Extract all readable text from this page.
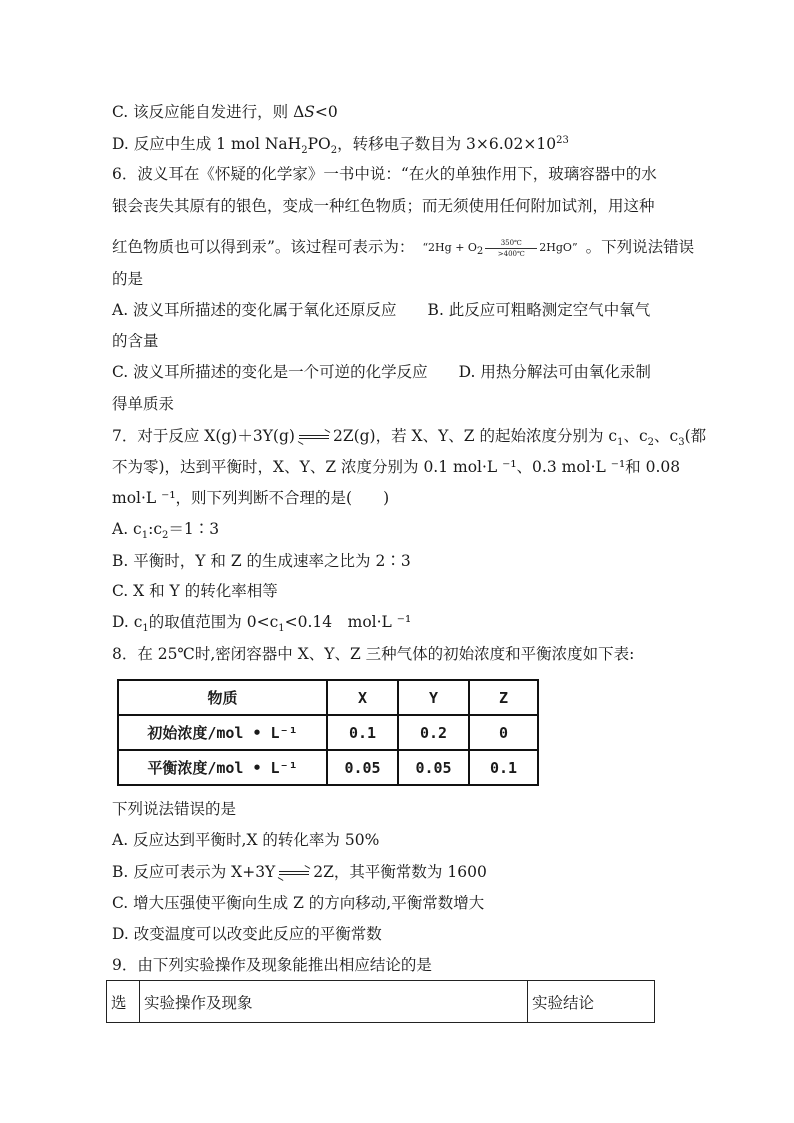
C. 该反应能自发进行，则 ΔS<0
D. 反应中生成 1 mol $NaH_2PO_2$，转移电子数目为 $3\times 6.02\times 10^{23}$
6．波义耳在《怀疑的化学家》一书中说：“在火的单独作用下，玻璃容器中的水
银会丧失其原有的银色，变成一种红色物质；而无须使用任何附加试剂，用这种
红色物质也可以得到汞”。该过程可表示为： “$2Hg + O_2 \frac{350℃}{>400℃} 2HgO$” 。下列说法错误
的是
A. 波义耳所描述的变化属于氧化还原反应　　B. 此反应可粗略测定空气中氧气
的含量
C. 波义耳所描述的变化是一个可逆的化学反应　　D. 用热分解法可由氧化汞制
得单质汞
7．对于反应 X(g)＋3Y(g) 2Z(g)，若 X、Y、Z 的起始浓度分别为 $c_1$、$c_2$、$c_3$(都
不为零)，达到平衡时，X、Y、Z 浓度分别为 0.1 mol·L ⁻¹、0.3 mol·L ⁻¹和 0.08
mol·L ⁻¹，则下列判断不合理的是(　　)
A. $c_1:c_2=1∶3$
B. 平衡时，Y 和 Z 的生成速率之比为 2∶3
C. X 和 Y 的转化率相等
D. $c_1$的取值范围为 $0<c_1<0.14$　mol·L ⁻¹
8．在 25℃时,密闭容器中 X、Y、Z 三种气体的初始浓度和平衡浓度如下表:
物质	X	Y	Z
初始浓度/mol • L⁻¹	0.1	0.2	0
平衡浓度/mol • L⁻¹	0.05	0.05	0.1
下列说法错误的是
A. 反应达到平衡时,X 的转化率为 50%
B. 反应可表示为 X+3Y 2Z，其平衡常数为 1600
C. 增大压强使平衡向生成 Z 的方向移动,平衡常数增大
D. 改变温度可以改变此反应的平衡常数
9．由下列实验操作及现象能推出相应结论的是
选	实验操作及现象	实验结论
